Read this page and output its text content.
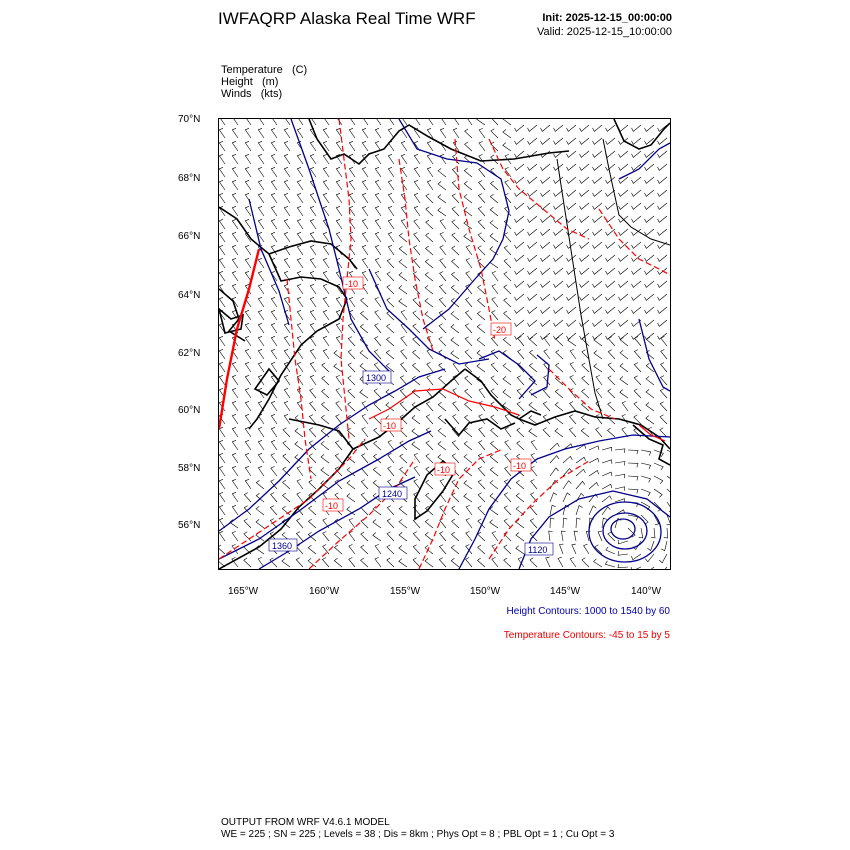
IWFAQRP Alaska Real Time WRF	Init: 2025-12-15_00:00:00
Valid: 2025-12-15_10:00:00
Temperature (C)
Height (m)
Winds (kts)
70°N
68°N
66°N
64°N
62°N
60°N
58°N
56°N
165°W	160°W	155°W	150°W	145°W	140°W
1360
1240
1300
1120
-10
-20
-10
-10	-10
-10
Height Contours: 1000 to 1540 by 60
Temperature Contours: -45 to 15 by 5
OUTPUT FROM WRF V4.6.1 MODEL
WE = 225 ; SN = 225 ; Levels = 38 ; Dis = 8km ; Phys Opt = 8 ; PBL Opt = 1 ; Cu Opt = 3
